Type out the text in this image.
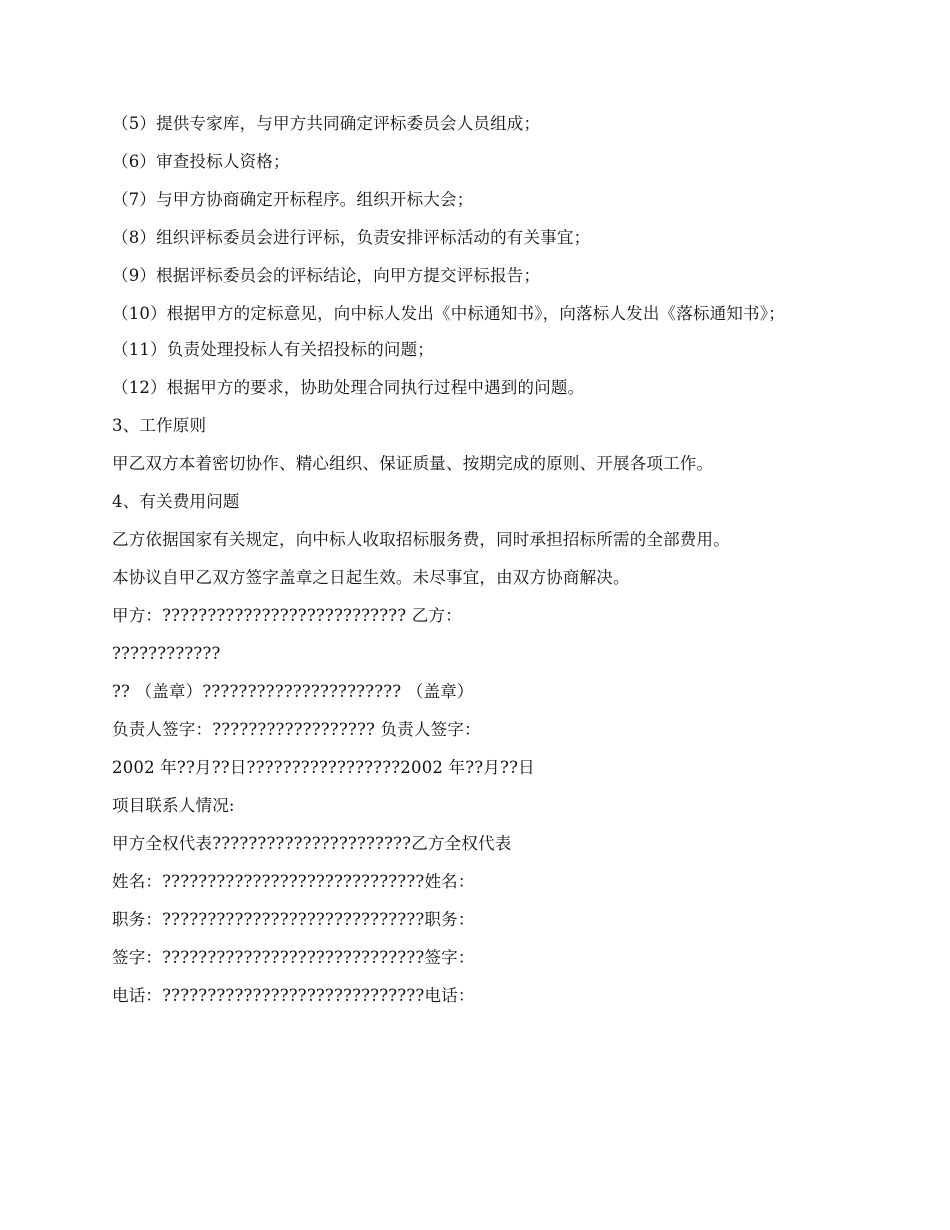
（5）提供专家库，与甲方共同确定评标委员会人员组成；

（6）审查投标人资格；

（7）与甲方协商确定开标程序。组织开标大会；

（8）组织评标委员会进行评标，负责安排评标活动的有关事宜；

（9）根据评标委员会的评标结论，向甲方提交评标报告；

（10）根据甲方的定标意见，向中标人发出《中标通知书》，向落标人发出《落标通知书》；

（11）负责处理投标人有关招投标的问题；

（12）根据甲方的要求，协助处理合同执行过程中遇到的问题。

3、工作原则

甲乙双方本着密切协作、精心组织、保证质量、按期完成的原则、开展各项工作。

4、有关费用问题

乙方依据国家有关规定，向中标人收取招标服务费，同时承担招标所需的全部费用。

本协议自甲乙双方签字盖章之日起生效。未尽事宜，由双方协商解决。

甲方：??????????????????????????? 乙方：

????????????

?? （盖章）?????????????????????? （盖章）

负责人签字：?????????????????? 负责人签字：

2002 年??月??日?????????????????2002 年??月??日

项目联系人情况:

甲方全权代表??????????????????????乙方全权代表

姓名：?????????????????????????????姓名：

职务：?????????????????????????????职务：

签字：?????????????????????????????签字：

电话：?????????????????????????????电话：
